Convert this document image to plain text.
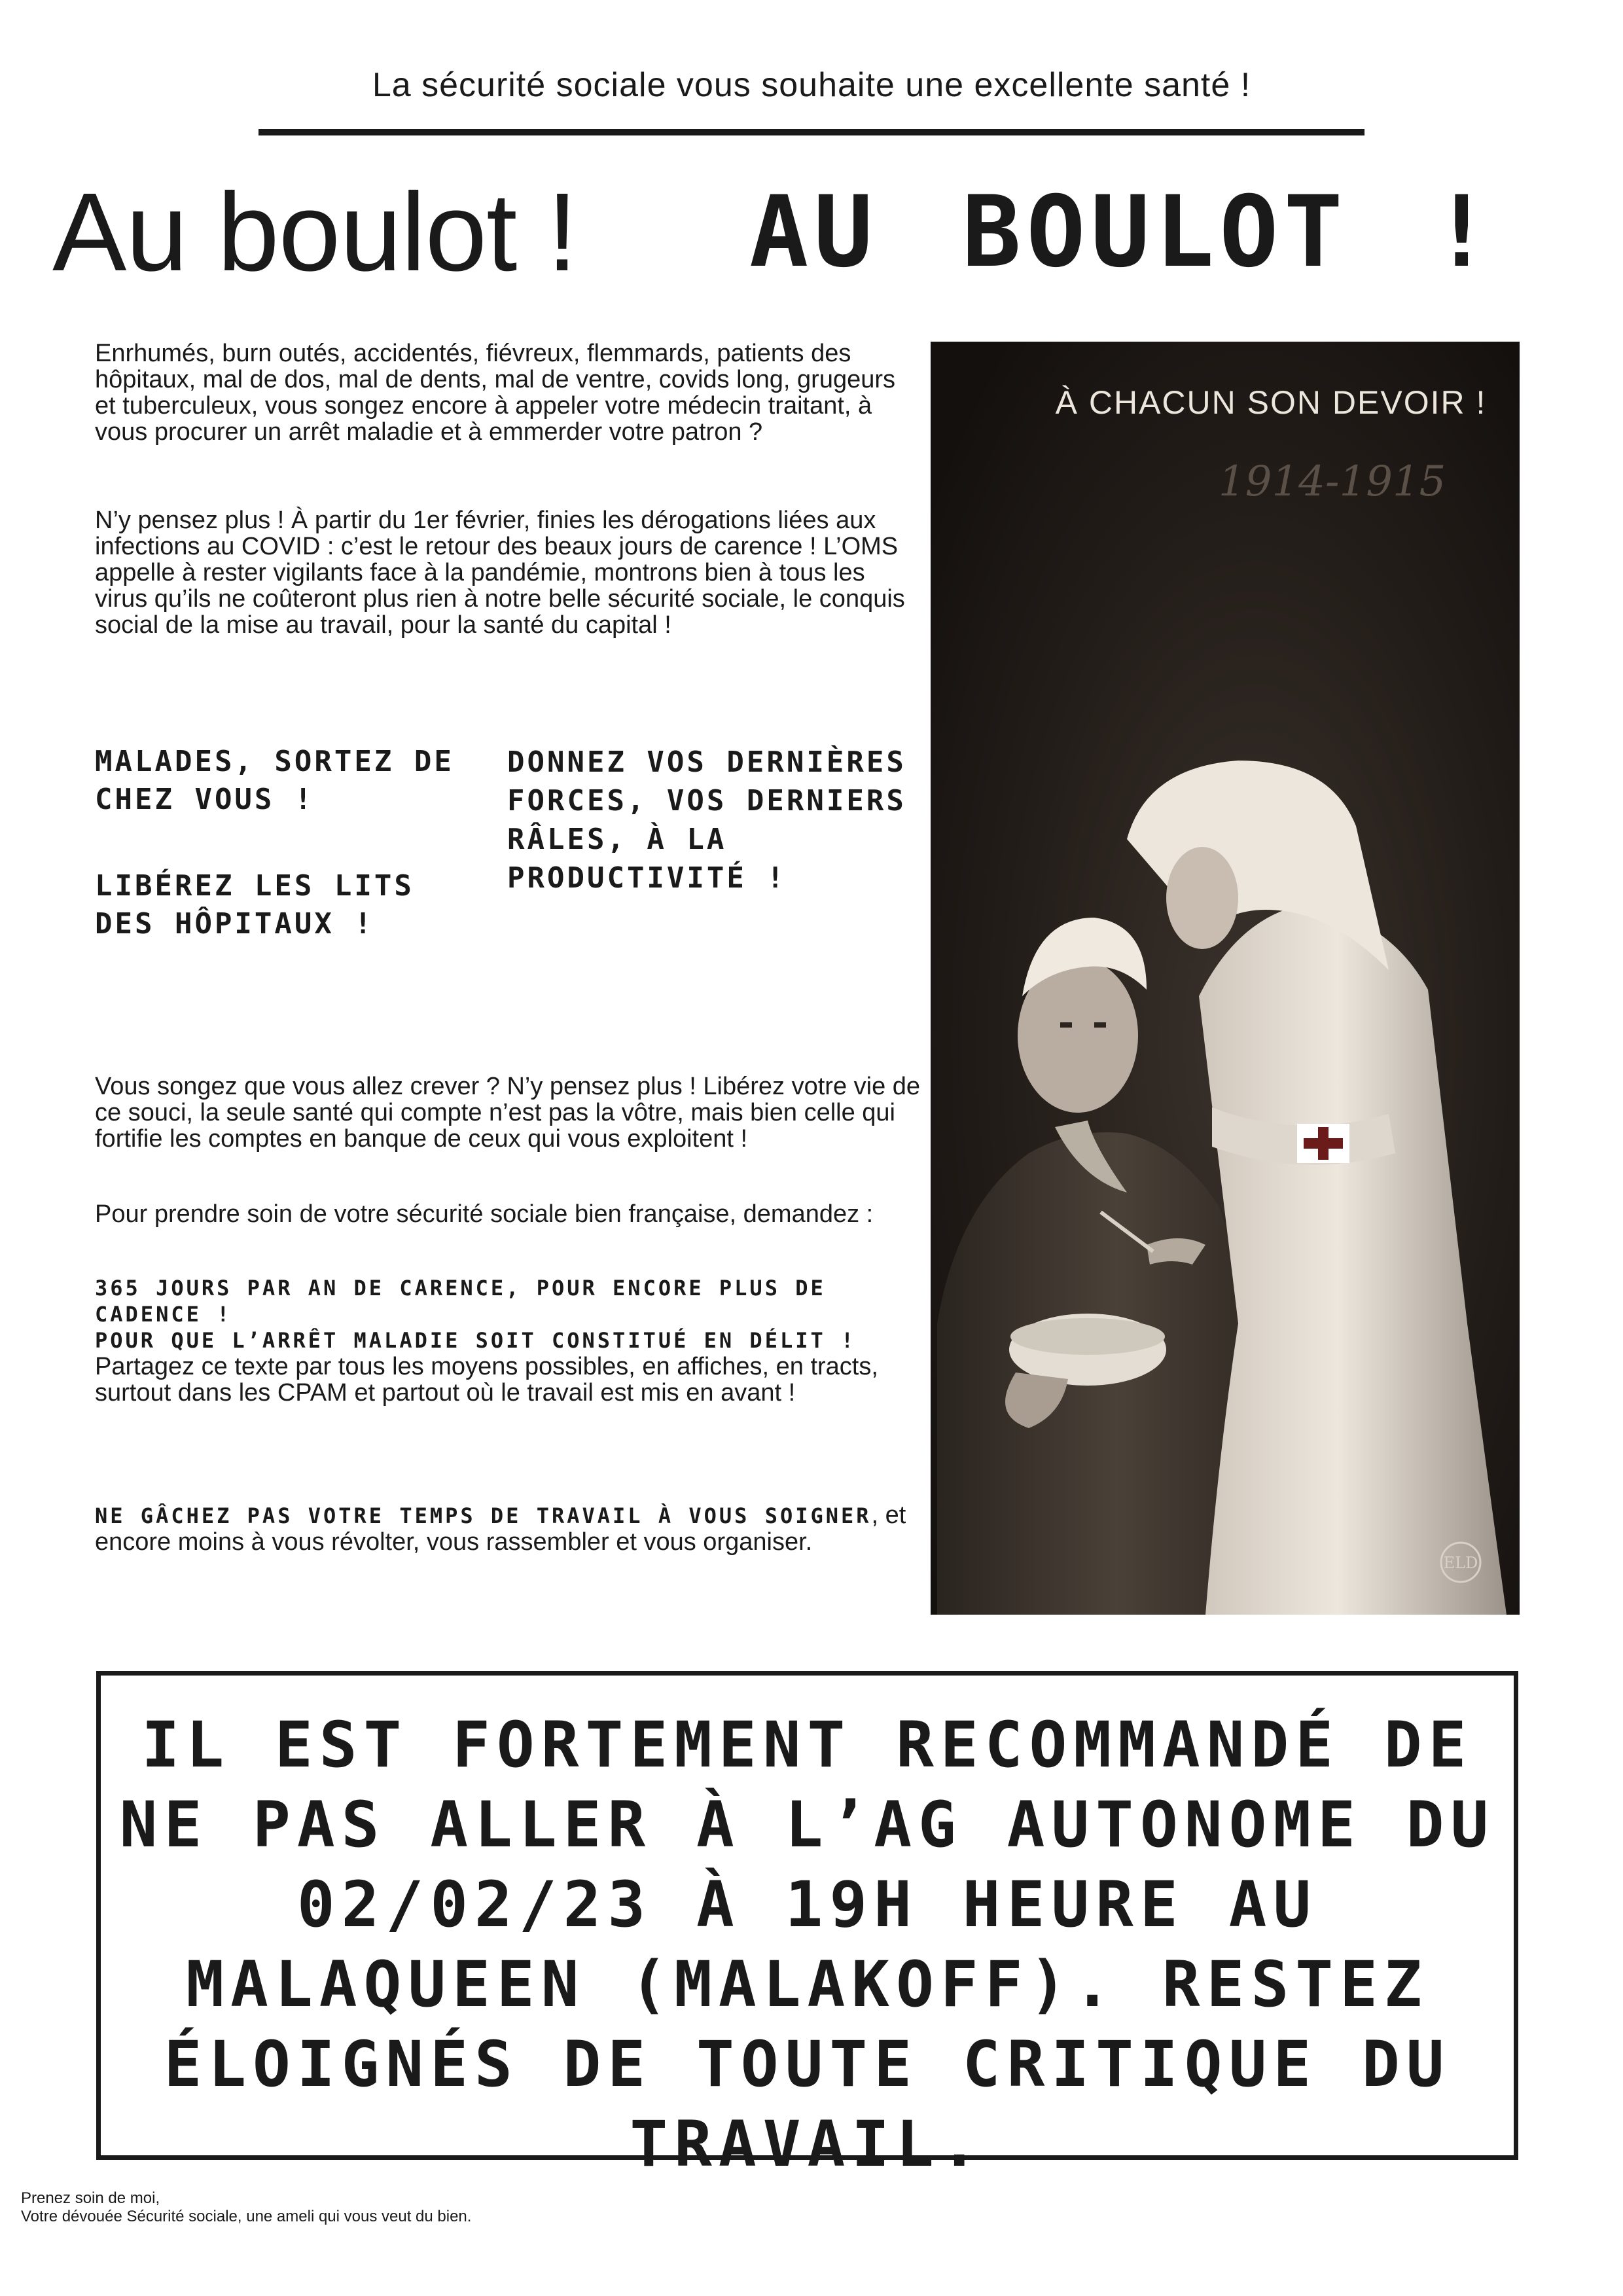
La sécurité sociale vous souhaite une excellente santé !
Au boulot ! AU BOULOT !
Enrhumés, burn outés, accidentés, fiévreux, flemmards, patients des hôpitaux, mal de dos, mal de dents, mal de ventre, covids long, grugeurs et tuberculeux, vous songez encore à appeler votre médecin traitant, à vous procurer un arrêt maladie et à emmerder votre patron ?
N’y pensez plus ! À partir du 1er février, finies les dérogations liées aux infections au COVID : c’est le retour des beaux jours de carence ! L’OMS appelle à rester vigilants face à la pandémie, montrons bien à tous les virus qu’ils ne coûteront plus rien à notre belle sécurité sociale, le conquis social de la mise au travail, pour la santé du capital !
MALADES, SORTEZ DE CHEZ VOUS !
LIBÉREZ LES LITS DES HÔPITAUX !
DONNEZ VOS DERNIÈRES FORCES, VOS DERNIERS RÂLES, À LA PRODUCTIVITÉ !
Vous songez que vous allez crever ? N’y pensez plus ! Libérez votre vie de ce souci, la seule santé qui compte n’est pas la vôtre, mais bien celle qui fortifie les comptes en banque de ceux qui vous exploitent !
Pour prendre soin de votre sécurité sociale bien française, demandez :
365 JOURS PAR AN DE CARENCE, POUR ENCORE PLUS DE CADENCE !
POUR QUE L’ARRÊT MALADIE SOIT CONSTITUÉ EN DÉLIT !
Partagez ce texte par tous les moyens possibles, en affiches, en tracts, surtout dans les CPAM et partout où le travail est mis en avant !
NE GÂCHEZ PAS VOTRE TEMPS DE TRAVAIL À VOUS SOIGNER, et encore moins à vous révolter, vous rassembler et vous organiser.
À CHACUN SON DEVOIR !
1914-1915
ELD
IL EST FORTEMENT RECOMMANDÉ DE NE PAS ALLER À L’AG AUTONOME DU 02/02/23 À 19H HEURE AU MALAQUEEN (MALAKOFF). RESTEZ ÉLOIGNÉS DE TOUTE CRITIQUE DU TRAVAIL.
Prenez soin de moi,
Votre dévouée Sécurité sociale, une ameli qui vous veut du bien.
